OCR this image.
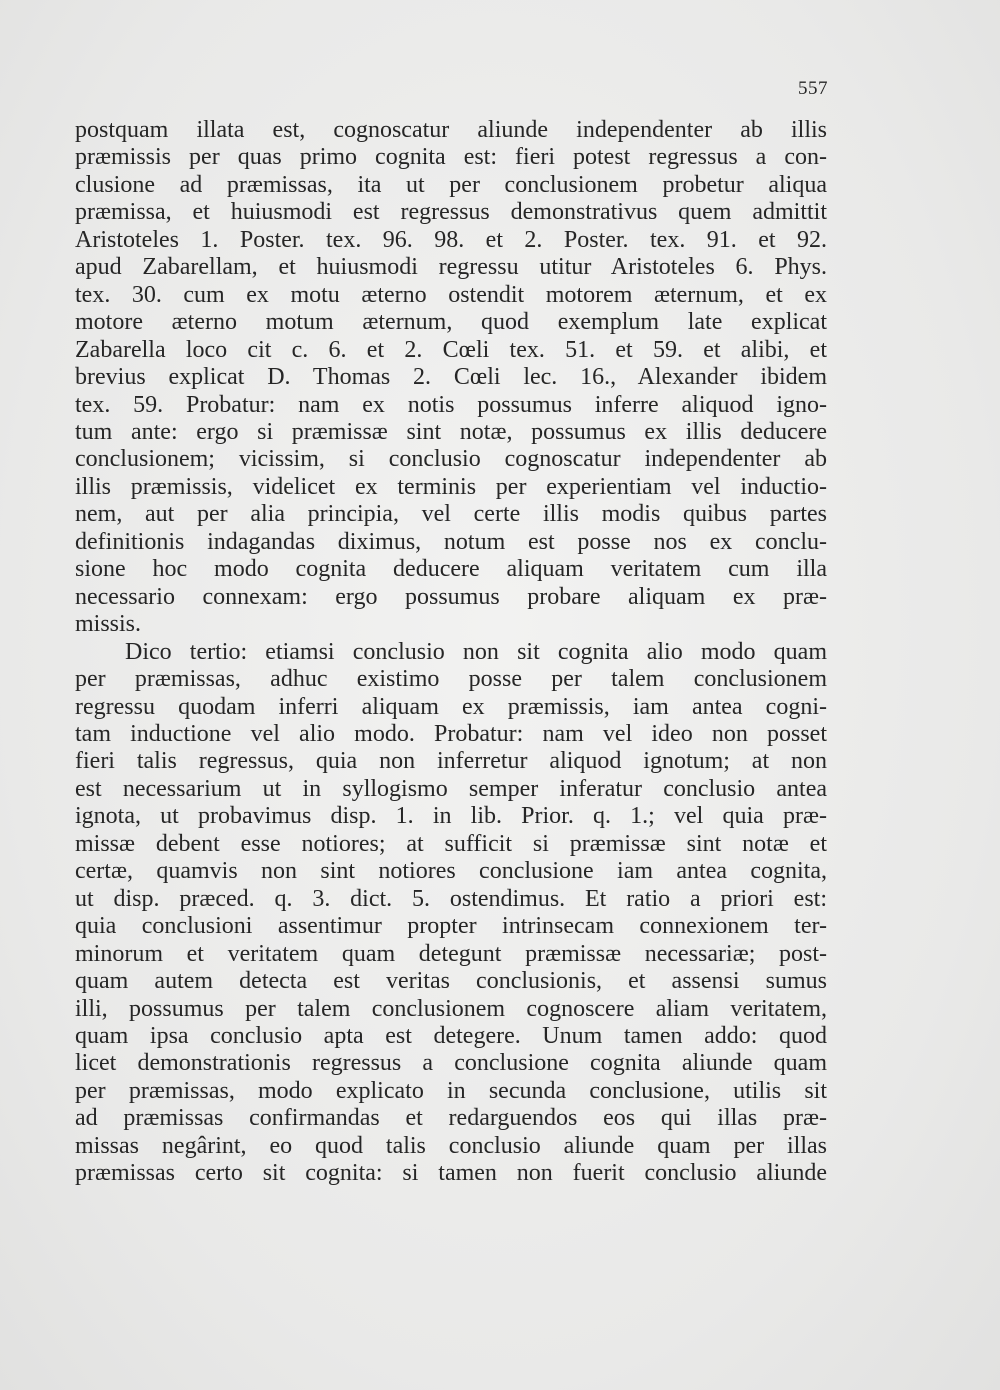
557
postquam illata est, cognoscatur aliunde independenter ab illis
præmissis per quas primo cognita est: fieri potest regressus a con-
clusione ad præmissas, ita ut per conclusionem probetur aliqua
præmissa, et huiusmodi est regressus demonstrativus quem admittit
Aristoteles 1. Poster. tex. 96. 98. et 2. Poster. tex. 91. et 92.
apud Zabarellam, et huiusmodi regressu utitur Aristoteles 6. Phys.
tex. 30. cum ex motu æterno ostendit motorem æternum, et ex
motore æterno motum æternum, quod exemplum late explicat
Zabarella loco cit c. 6. et 2. Cœli tex. 51. et 59. et alibi, et
brevius explicat D. Thomas 2. Cœli lec. 16., Alexander ibidem
tex. 59. Probatur: nam ex notis possumus inferre aliquod igno-
tum ante: ergo si præmissæ sint notæ, possumus ex illis deducere
conclusionem; vicissim, si conclusio cognoscatur independenter ab
illis præmissis, videlicet ex terminis per experientiam vel inductio-
nem, aut per alia principia, vel certe illis modis quibus partes
definitionis indagandas diximus, notum est posse nos ex conclu-
sione hoc modo cognita deducere aliquam veritatem cum illa
necessario connexam: ergo possumus probare aliquam ex præ-
missis.
Dico tertio: etiamsi conclusio non sit cognita alio modo quam
per præmissas, adhuc existimo posse per talem conclusionem
regressu quodam inferri aliquam ex præmissis, iam antea cogni-
tam inductione vel alio modo. Probatur: nam vel ideo non posset
fieri talis regressus, quia non inferretur aliquod ignotum; at non
est necessarium ut in syllogismo semper inferatur conclusio antea
ignota, ut probavimus disp. 1. in lib. Prior. q. 1.; vel quia præ-
missæ debent esse notiores; at sufficit si præmissæ sint notæ et
certæ, quamvis non sint notiores conclusione iam antea cognita,
ut disp. præced. q. 3. dict. 5. ostendimus. Et ratio a priori est:
quia conclusioni assentimur propter intrinsecam connexionem ter-
minorum et veritatem quam detegunt præmissæ necessariæ; post-
quam autem detecta est veritas conclusionis, et assensi sumus
illi, possumus per talem conclusionem cognoscere aliam veritatem,
quam ipsa conclusio apta est detegere. Unum tamen addo: quod
licet demonstrationis regressus a conclusione cognita aliunde quam
per præmissas, modo explicato in secunda conclusione, utilis sit
ad præmissas confirmandas et redarguendos eos qui illas præ-
missas negârint, eo quod talis conclusio aliunde quam per illas
præmissas certo sit cognita: si tamen non fuerit conclusio aliunde
